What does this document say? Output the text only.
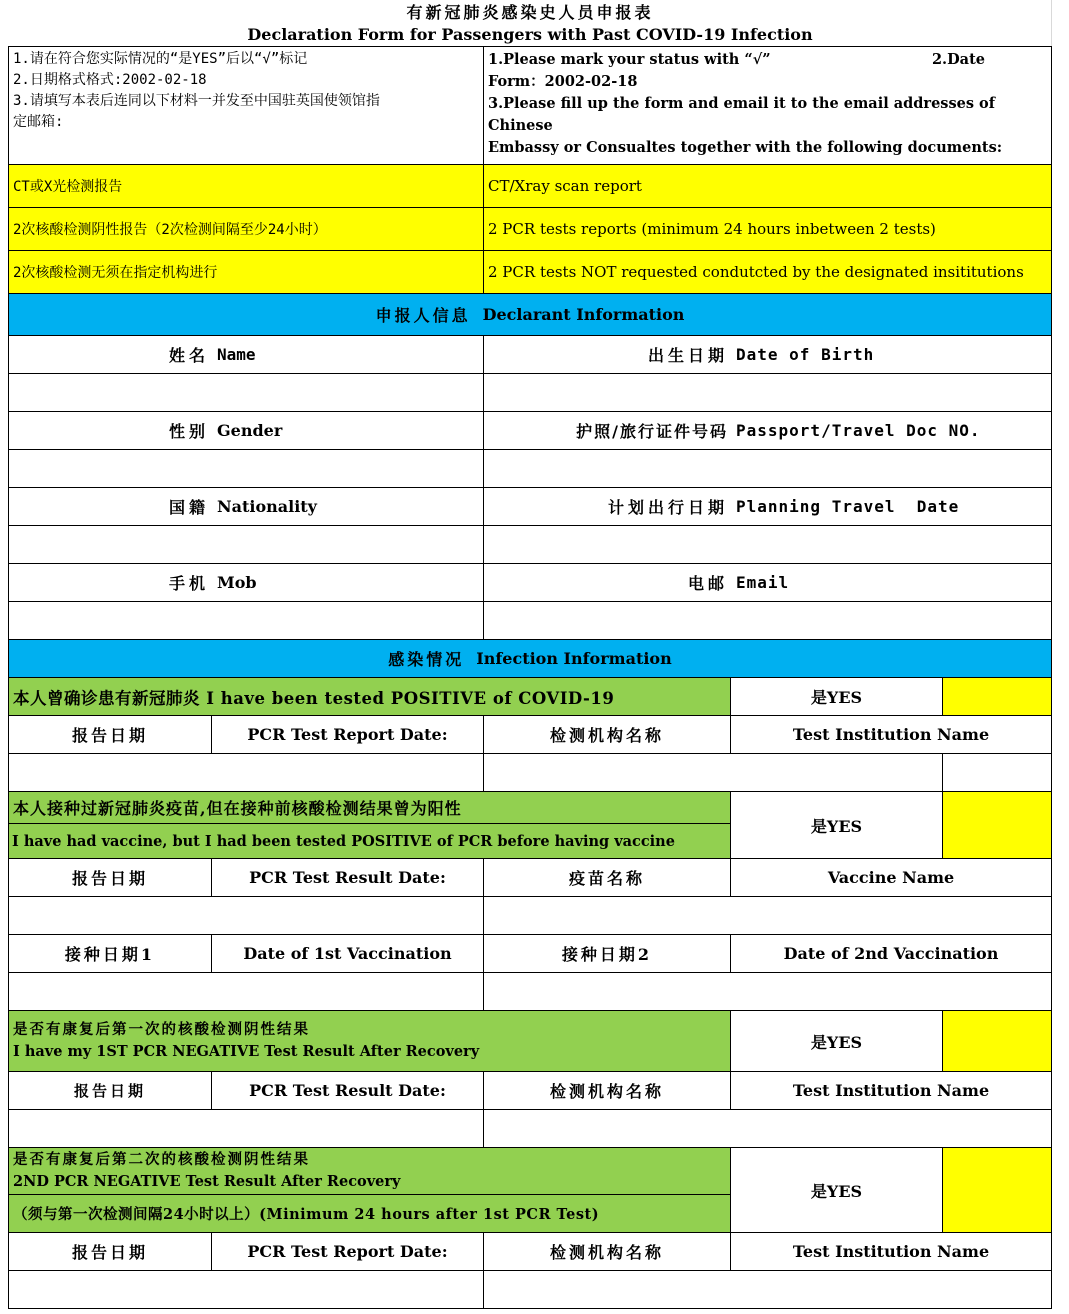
有新冠肺炎感染史人员申报表
Declaration Form for Passengers with Past COVID-19 Infection
1.请在符合您实际情况的“是YES”后以“√”标记
2.日期格式格式:2002-02-18
3.请填写本表后连同以下材料一并发至中国驻英国使领馆指
定邮箱:
1.Please mark your status with “√”	2.Date
Form：2002-02-18
3.Please fill up the form and email it to the email addresses of Chinese
Embassy or Consualtes together with the following documents:
CT或X光检测报告	CT/Xray scan report
2次核酸检测阴性报告（2次检测间隔至少24小时）	2 PCR tests reports (minimum 24 hours inbetween 2 tests)
2次核酸检测无须在指定机构进行	2 PCR tests NOT requested condutcted by the designated insititutions
申报人信息 Declarant Information
姓名 Name	出生日期 Date of Birth
性别 Gender	护照/旅行证件号码 Passport/Travel Doc NO.
国籍 Nationality	计划出行日期 Planning Travel  Date
手机 Mob	电邮 Email
感染情况 Infection Information
本人曾确诊患有新冠肺炎 I have been tested POSITIVE of COVID-19	是YES
报告日期	PCR Test Report Date:	检测机构名称	Test Institution Name
本人接种过新冠肺炎疫苗,但在接种前核酸检测结果曾为阳性
I have had vaccine, but I had been tested POSITIVE of PCR before having vaccine
是YES
报告日期	PCR Test Result Date:	疫苗名称	Vaccine Name
接种日期1	Date of 1st Vaccination	接种日期2	Date of 2nd Vaccination
是否有康复后第一次的核酸检测阴性结果
I have my 1ST PCR NEGATIVE Test Result After Recovery	是YES
报告日期	PCR Test Result Date:	检测机构名称	Test Institution Name
是否有康复后第二次的核酸检测阴性结果
2ND PCR NEGATIVE Test Result After Recovery
（须与第一次检测间隔24小时以上）(Minimum 24 hours after 1st PCR Test)
是YES
报告日期	PCR Test Report Date:	检测机构名称	Test Institution Name
